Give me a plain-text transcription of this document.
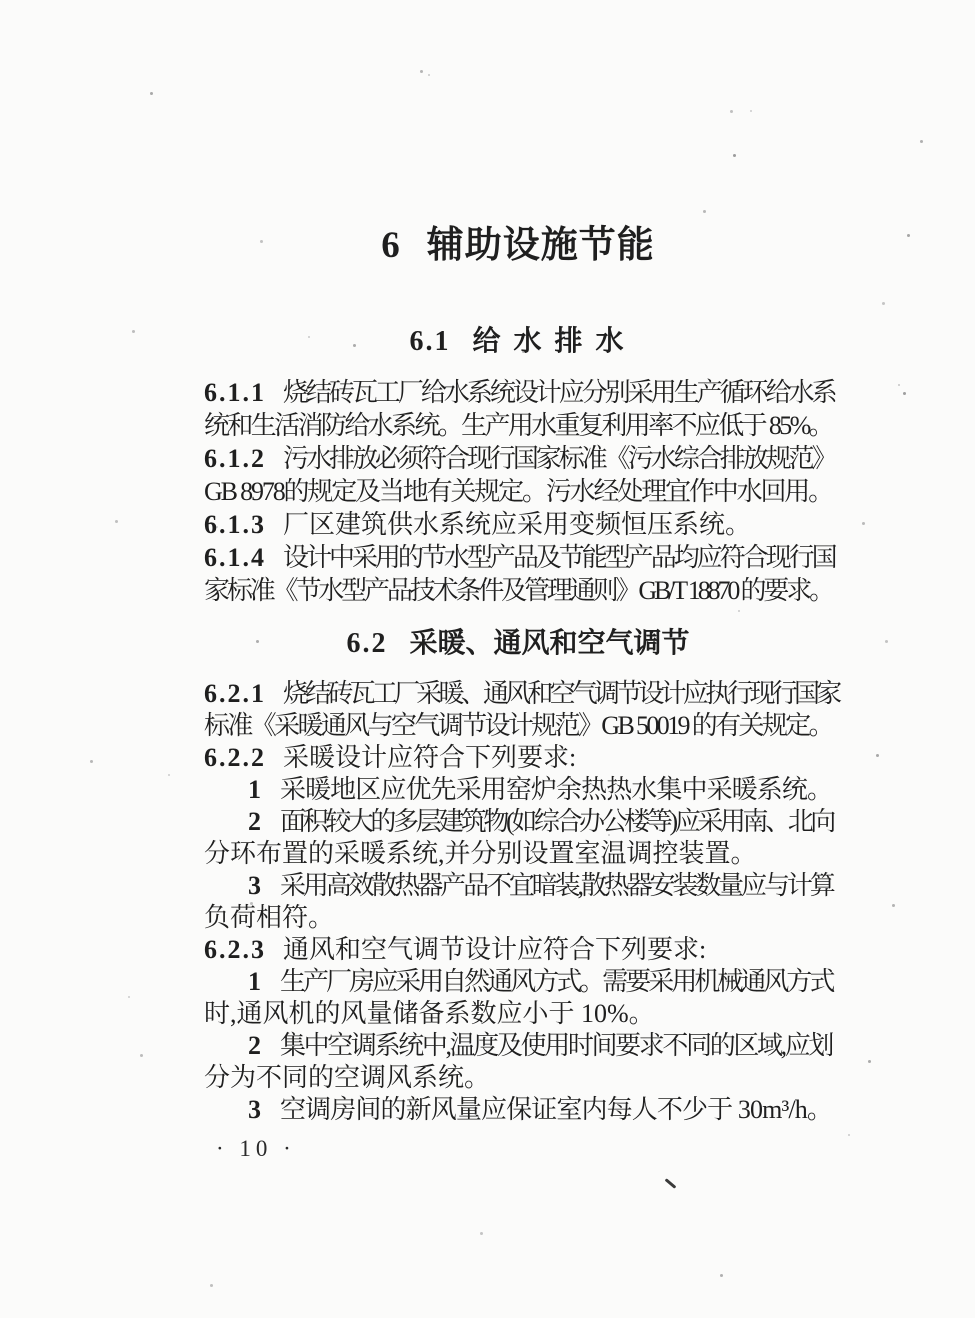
6 辅助设施节能
6.1 给 水 排 水
6.1.1 烧结砖瓦工厂给水系统设计应分别采用生产循环给水系
统和生活消防给水系统。生产用水重复利用率不应低于 85%。
6.1.2 污水排放必须符合现行国家标准《污水综合排放规范》
GB 8978的规定及当地有关规定。污水经处理宜作中水回用。
6.1.3 厂区建筑供水系统应采用变频恒压系统。
6.1.4 设计中采用的节水型产品及节能型产品均应符合现行国
家标准《节水型产品技术条件及管理通则》GB/T 18870 的要求。
6.2 采暖、通风和空气调节
6.2.1 烧结砖瓦工厂采暖、通风和空气调节设计应执行现行国家
标准《采暖通风与空气调节设计规范》GB 50019 的有关规定。
6.2.2 采暖设计应符合下列要求:
1 采暖地区应优先采用窑炉余热热水集中采暖系统。
2 面积较大的多层建筑物(如综合办公楼等)应采用南、北向
分环布置的采暖系统,并分别设置室温调控装置。
3 采用高效散热器产品不宜暗装,散热器安装数量应与计算
负荷相符。
6.2.3 通风和空气调节设计应符合下列要求:
1 生产厂房应采用自然通风方式。需要采用机械通风方式
时,通风机的风量储备系数应小于 10%。
2 集中空调系统中,温度及使用时间要求不同的区域,应划
分为不同的空调风系统。
3 空调房间的新风量应保证室内每人不少于 30m³/h。
· 10 ·
